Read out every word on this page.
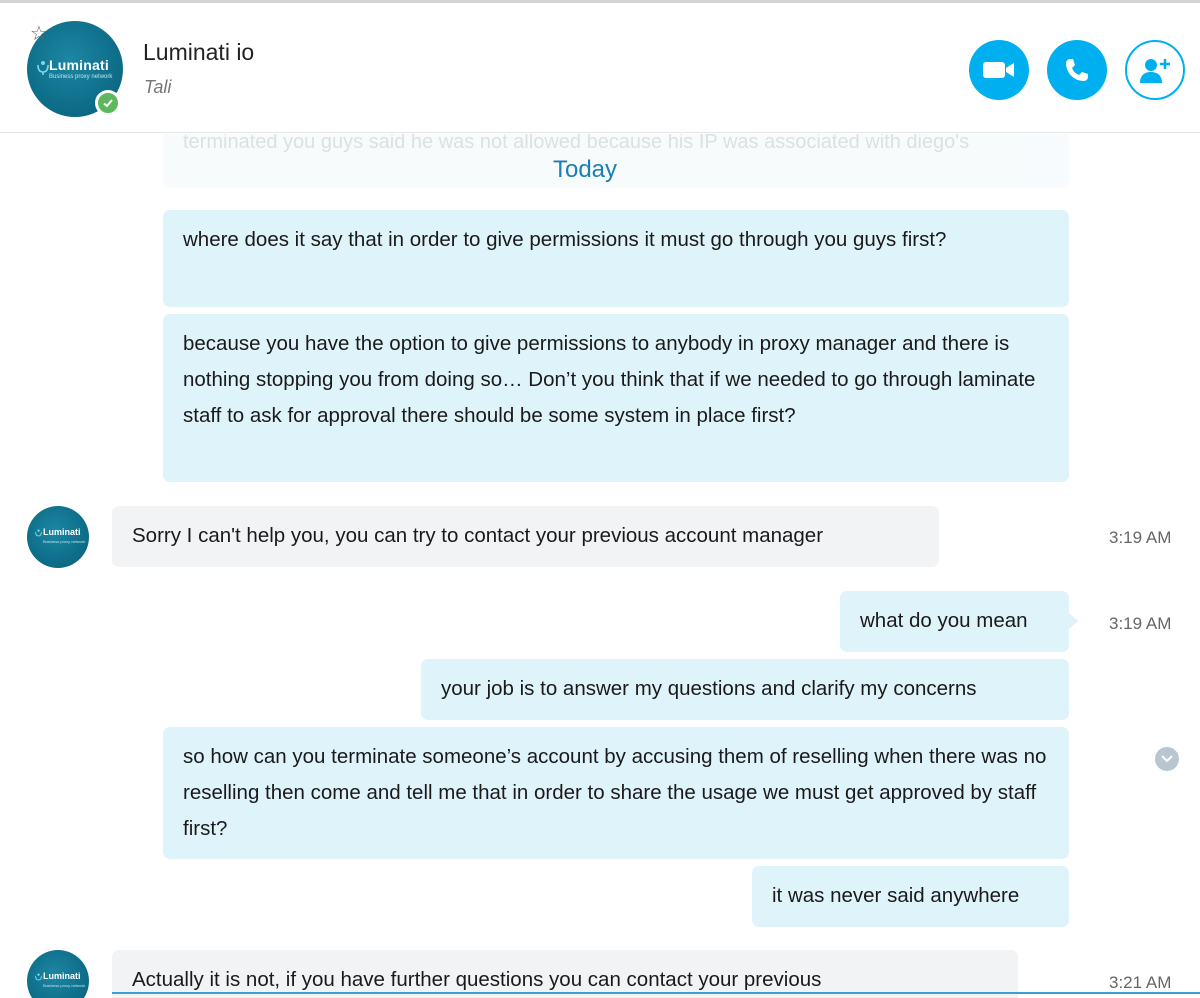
Luminati
Business proxy network
☆
Luminati io
Tali
terminated you guys said he was not allowed because his IP was associated with diego's
Today
where does it say that in order to give permissions it must go through you guys first?
because you have the option to give permissions to anybody in proxy manager and there is nothing stopping you from doing so… Don’t you think that if we needed to go through laminate staff to ask for approval there should be some system in place first?
Luminati
Business proxy network	Sorry I can't help you, you can try to contact your previous account manager	3:19 AM
what do you mean	3:19 AM
your job is to answer my questions and clarify my concerns
so how can you terminate someone’s account by accusing them of reselling when there was no reselling then come and tell me that in order to share the usage we must get approved by staff first?
it was never said anywhere
Luminati
Business proxy network	Actually it is not, if you have further questions you can contact your previous	3:21 AM
